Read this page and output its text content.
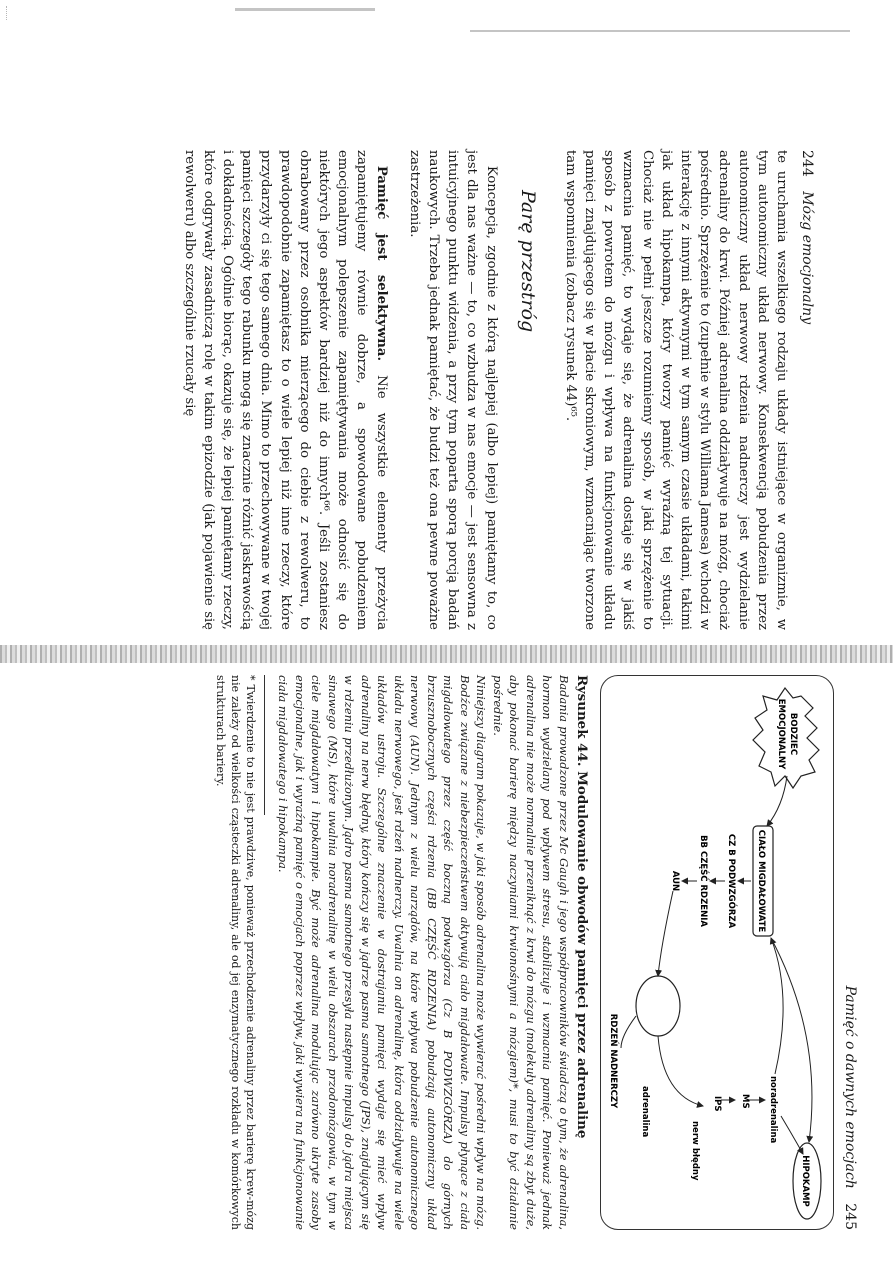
244 Mózg emocjonalny

te uruchamia wszelkiego rodzaju układy istniejące w organizmie, w tym autonomiczny układ nerwowy. Konsekwencją pobudzenia przez autonomiczny układ nerwowy rdzenia nadnerczy jest wydzielanie adrenaliny do krwi. Później adrenalina oddziaływuje na mózg, chociaż pośrednio. Sprzężenie to (zupełnie w stylu Williama Jamesa) wchodzi w interakcję z innymi aktywnymi w tym samym czasie układami, takimi jak układ hipokampa, który tworzy pamięć wyraźną tej sytuacji. Chociaż nie w pełni jeszcze rozumiemy sposób, w jaki sprzężenie to wzmacnia pamięć, to wydaje się, że adrenalina dostaje się w jakiś sposób z powrotem do mózgu i wpływa na funkcjonowanie układu pamięci znajdującego się w płacie skroniowym, wzmacniając tworzone tam wspomnienia (zobacz rysunek 44)⁶⁵.

Parę przestróg

Koncepcja, zgodnie z którą najlepiej (albo lepiej) pamiętamy to, co jest dla nas ważne — to, co wzbudza w nas emocje — jest sensowna z intuicyjnego punktu widzenia, a przy tym poparta sporą porcją badań naukowych. Trzeba jednak pamiętać, że budzi też ona pewne poważne zastrzeżenia.

Pamięć jest selektywna. Nie wszystkie elementy przeżycia zapamiętujemy równie dobrze, a spowodowane pobudzeniem emocjonalnym polepszenie zapamiętywania może odnosić się do niektórych jego aspektów bardziej niż do innych⁶⁶. Jeśli zostaniesz obrabowany przez osobnika mierzącego do ciebie z rewolweru, to prawdopodobnie zapamiętasz to o wiele lepiej niż inne rzeczy, które przydarzyły ci się tego samego dnia. Mimo to przechowywane w twojej pamięci szczegóły tego rabunku mogą się znacznie różnić jaskrawością i dokładnością. Ogólnie biorąc, okazuje się, że lepiej pamiętamy rzeczy, które odgrywały zasadniczą rolę w takim epizodzie (jak pojawienie się rewolweru) albo szczególnie rzucały się

Pamięć o dawnych emocjach 245
BODZIEC
EMOCJONALNY
CIAŁO MIGDAŁOWATE
CZ B PODWZGÓRZA
BB CZĘŚĆ RDZENIA
AUN
RDZEŃ NADNERCZY
adrenalina
nerw błędny
IPS MS noradrenalina
HIPOKAMP
Rysunek 44. Modulowanie obwodów pamięci przez adrenalinę

Badania prowadzone przez Mc Gaugh i jego współpracowników świadczą o tym, że adrenalina, hormon wydzielany pod wpływem stresu, stabilizuje i wzmacnia pamięć. Ponieważ jednak adrenalina nie może normalnie przeniknąć z krwi do mózgu (molekuły adrenaliny są zbyt duże, aby pokonać barierę między naczyniami krwionośnymi a mózgiem)*, musi to być działanie pośrednie.

Niniejszy diagram pokazuje, w jaki sposób adrenalina może wywierać pośredni wpływ na mózg. Bodźce związane z niebezpieczeństwem aktywują ciało migdałowate. Impulsy płynące z ciała migdałowatego przez część boczną podwzgórza (Cz B PODWZGÓRZA) do górnych brzusznobocznych części rdzenia (BB CZĘŚĆ RDZENIA) pobudzają autonomiczny układ nerwowy (AUN). Jednym z wielu narządów, na które wpływa pobudzenie autonomicznego układu nerwowego, jest rdzeń nadnerczy. Uwalnia on adrenalinę, która oddziaływuje na wiele układów ustroju. Szczególne znaczenie w dostrajaniu pamięci wydaje się mieć wpływ adrenaliny na nerw błędny, który kończy się w jądrze pasma samotnego (JPS), znajdującym się w rdzeniu przedłużonym. Jądro pasma samotnego przesyła następnie impulsy do jądra miejsca sinawego (MS), które uwalnia noradrenalinę w wielu obszarach przodomózgowia, w tym w ciele migdałowatym i hipokampie. Być może adrenalina modulując zarówno ukryte zasoby emocjonalne, jak i wyraźną pamięć o emocjach poprzez wpływ, jaki wywiera na funkcjonowanie ciała migdałowatego i hipokampa.

* Twierdzenie to nie jest prawdziwe, ponieważ przechodzenie adrenaliny przez barierę krew-mózg nie zależy od wielkości cząsteczki adrenaliny, ale od jej enzymatycznego rozkładu w komórkowych strukturach bariery.
